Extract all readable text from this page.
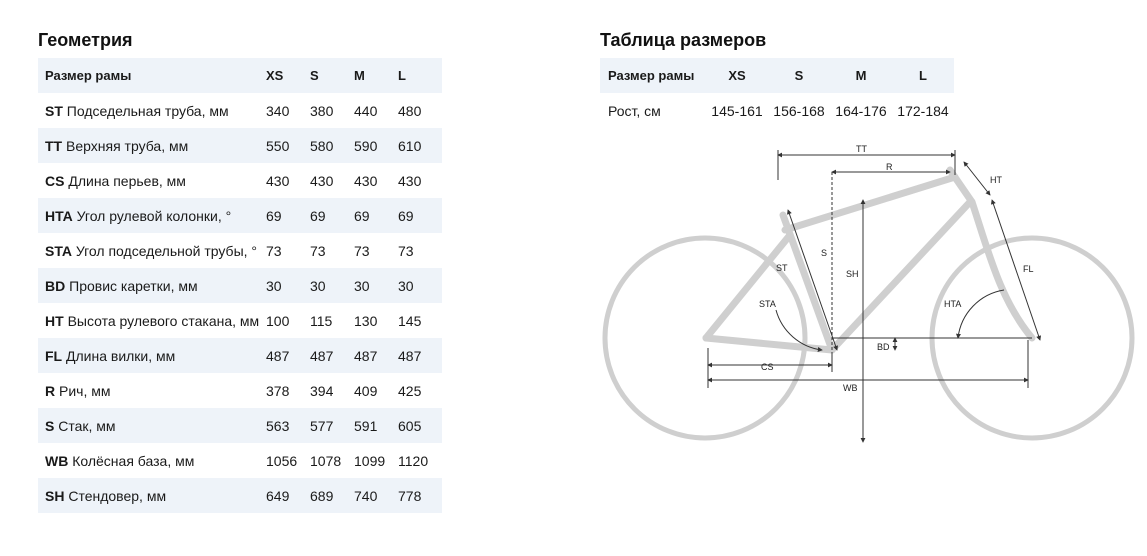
Геометрия
Размер рамы	XS	S	M	L
ST Подседельная труба, мм	340	380	440	480
TT Верхняя труба, мм	550	580	590	610
CS Длина перьев, мм	430	430	430	430
HTA Угол рулевой колонки, °	69	69	69	69
STA Угол подседельной трубы, °	73	73	73	73
BD Провис каретки, мм	30	30	30	30
HT Высота рулевого стакана, мм	100	115	130	145
FL Длина вилки, мм	487	487	487	487
R Рич, мм	378	394	409	425
S Стак, мм	563	577	591	605
WB Колёсная база, мм	1056	1078	1099	1120
SH Стендовер, мм	649	689	740	778
Таблица размеров
Размер рамы	XS	S	M	L
Рост, см	145-161	156-168	164-176	172-184
TT
R
HT
ST
S
SH
STA	HTA
FL
BD
CS
WB
